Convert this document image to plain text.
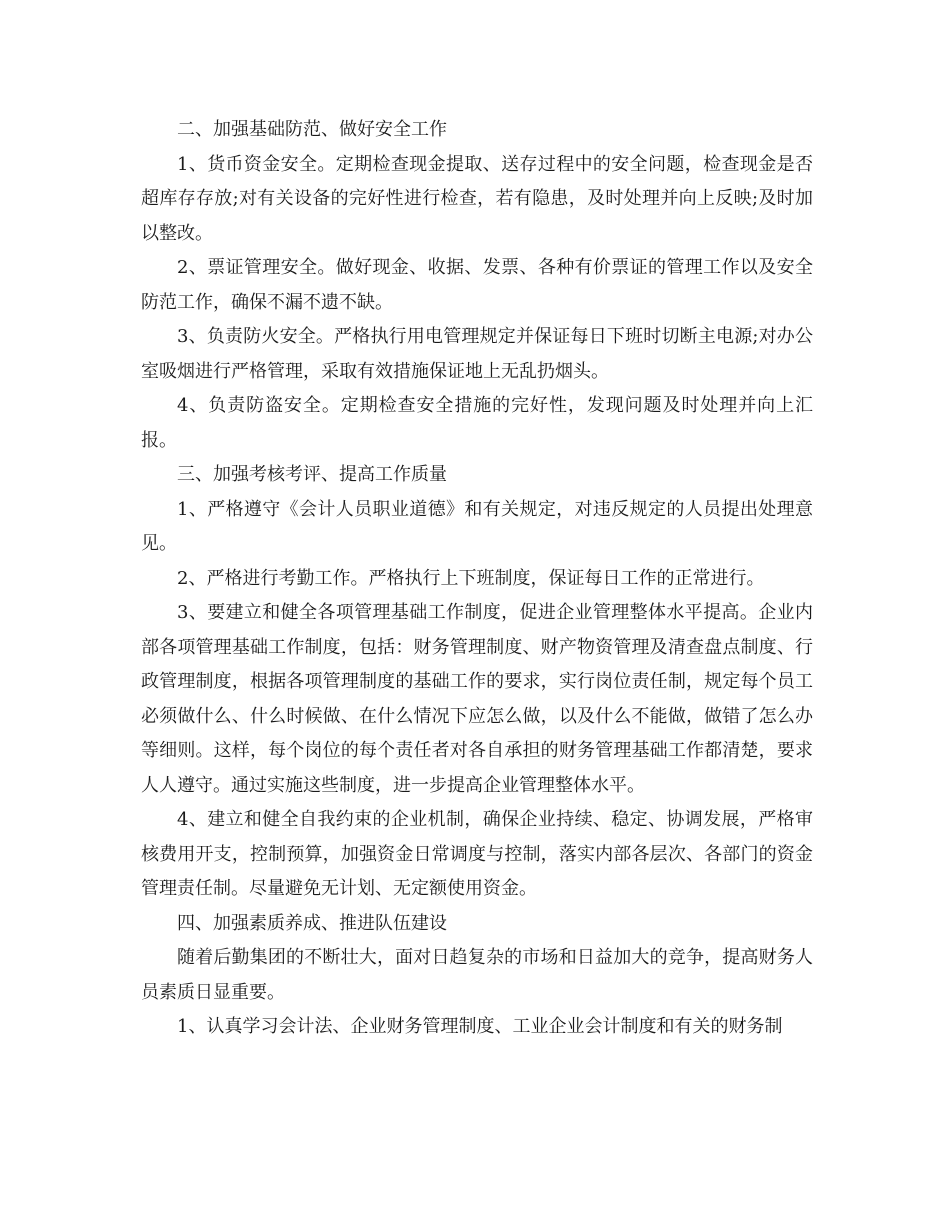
二、加强基础防范、做好安全工作

1、货币资金安全。定期检查现金提取、送存过程中的安全问题，检查现金是否超库存存放;对有关设备的完好性进行检查，若有隐患，及时处理并向上反映;及时加以整改。

2、票证管理安全。做好现金、收据、发票、各种有价票证的管理工作以及安全防范工作，确保不漏不遗不缺。

3、负责防火安全。严格执行用电管理规定并保证每日下班时切断主电源;对办公室吸烟进行严格管理，采取有效措施保证地上无乱扔烟头。

4、负责防盗安全。定期检查安全措施的完好性，发现问题及时处理并向上汇报。

三、加强考核考评、提高工作质量

1、严格遵守《会计人员职业道德》和有关规定，对违反规定的人员提出处理意见。

2、严格进行考勤工作。严格执行上下班制度，保证每日工作的正常进行。

3、要建立和健全各项管理基础工作制度，促进企业管理整体水平提高。企业内部各项管理基础工作制度，包括：财务管理制度、财产物资管理及清查盘点制度、行政管理制度，根据各项管理制度的基础工作的要求，实行岗位责任制，规定每个员工必须做什么、什么时候做、在什么情况下应怎么做，以及什么不能做，做错了怎么办等细则。这样，每个岗位的每个责任者对各自承担的财务管理基础工作都清楚，要求人人遵守。通过实施这些制度，进一步提高企业管理整体水平。

4、建立和健全自我约束的企业机制，确保企业持续、稳定、协调发展，严格审核费用开支，控制预算，加强资金日常调度与控制，落实内部各层次、各部门的资金管理责任制。尽量避免无计划、无定额使用资金。

四、加强素质养成、推进队伍建设

随着后勤集团的不断壮大，面对日趋复杂的市场和日益加大的竞争，提高财务人员素质日显重要。

1、认真学习会计法、企业财务管理制度、工业企业会计制度和有关的财务制
